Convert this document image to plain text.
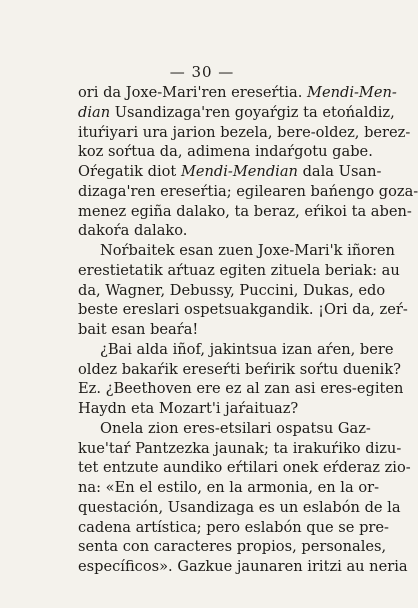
— 30 —
ori da Joxe-Mari'ren ereseŕtia. Mendi-Men-
dian Usandizaga'ren goyaŕgiz ta etońaldiz,
ituŕiyari ura jarion bezela, bere-oldez, berez-
koz soŕtua da, adimena indaŕgotu gabe.
Oŕegatik diot Mendi-Mendian dala Usan-
dizaga'ren ereseŕtia; egilearen bańengo goza-
menez egiña dalako, ta beraz, eŕikoi ta aben-
dakoŕa dalako.
Noŕbaitek esan zuen Joxe-Mari'k iñoren
erestietatik aŕtuaz egiten zituela beriak: au
da, Wagner, Debussy, Puccini, Dukas, edo
beste ereslari ospetsuakgandik. ¡Ori da, zeŕ-
bait esan beaŕa!
¿Bai alda iñof, jakintsua izan aŕen, bere
oldez bakaŕik ereseŕti beŕirik soŕtu duenik?
Ez. ¿Beethoven ere ez al zan asi eres-egiten
Haydn eta Mozart'i jaŕaituaz?
Onela zion eres-etsilari ospatsu Gaz-
kue'taŕ Pantzezka jaunak; ta irakuŕiko dizu-
tet entzute aundiko eŕtilari onek eŕderaz zio-
na: «En el estilo, en la armonia, en la or-
questación, Usandizaga es un eslabón de la
cadena artística; pero eslabón que se pre-
senta con caracteres propios, personales,
específicos». Gazkue jaunaren iritzi au neria
